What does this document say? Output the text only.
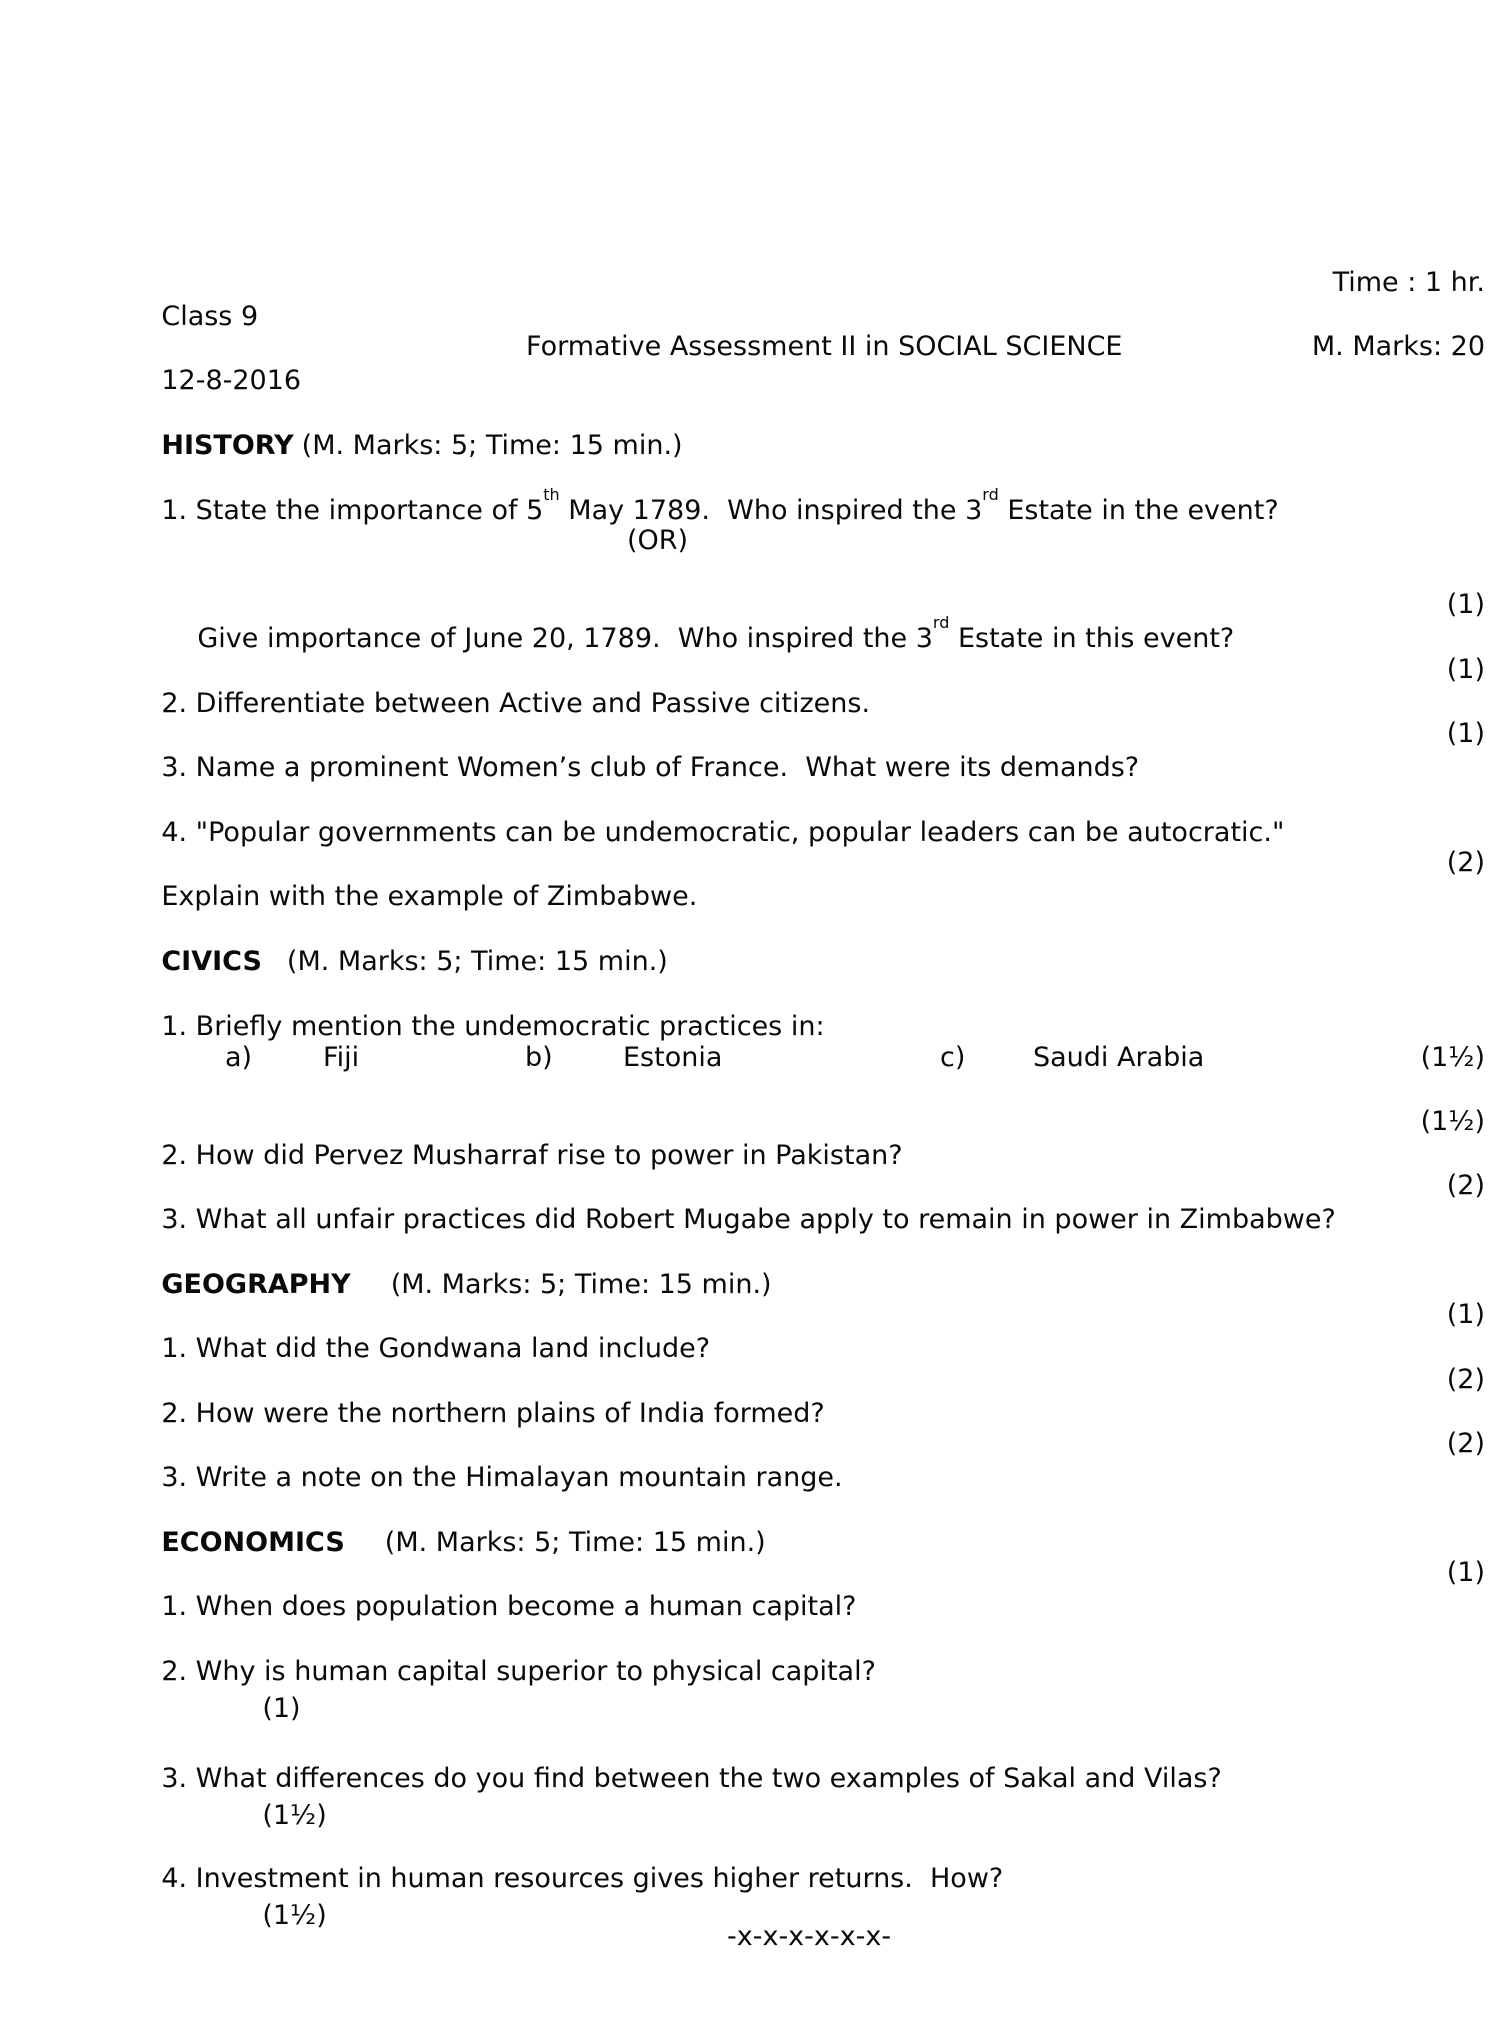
Class 9

Time : 1 hr.

12-8-2016

Formative Assessment II in SOCIAL SCIENCE

	M. Marks: 20

HISTORY (M. Marks: 5; Time: 15 min.)

1. State the importance of 5th May 1789.  Who inspired the 3rd Estate in the event?

(OR)

Give importance of June 20, 1789.  Who inspired the 3rd Estate in this event?

(1)

2. Differentiate between Active and Passive citizens.

(1)

3. Name a prominent Women’s club of France.  What were its demands?

(1)

4. "Popular governments can be undemocratic, popular leaders can be autocratic."

Explain with the example of Zimbabwe.

(2)

CIVICS (M. Marks: 5; Time: 15 min.)

1. Briefly mention the undemocratic practices in:

a)

	Fiji

	b)

	Estonia

	c)

	Saudi Arabia

	(1½)

2. How did Pervez Musharraf rise to power in Pakistan?

(1½)

3. What all unfair practices did Robert Mugabe apply to remain in power in Zimbabwe?

(2)

GEOGRAPHY (M. Marks: 5; Time: 15 min.)

1. What did the Gondwana land include?

(1)

2. How were the northern plains of India formed?

(2)

3. Write a note on the Himalayan mountain range.

(2)

ECONOMICS (M. Marks: 5; Time: 15 min.)

1. When does population become a human capital?

(1)

2. Why is human capital superior to physical capital?

(1)

3. What differences do you find between the two examples of Sakal and Vilas?

(1½)

4. Investment in human resources gives higher returns.  How?

(1½)

-x-x-x-x-x-x-
